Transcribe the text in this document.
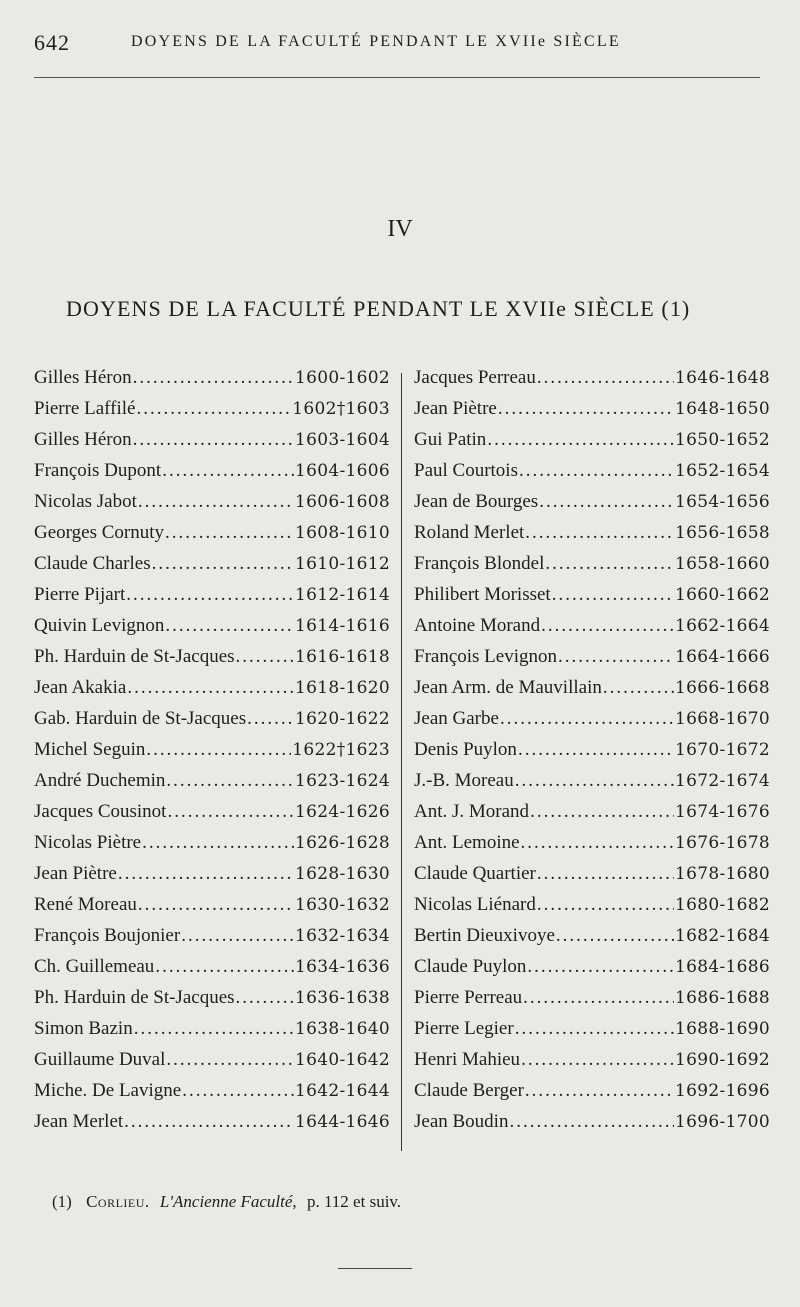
642	DOYENS DE LA FACULTÉ PENDANT LE XVIIe SIÈCLE
IV
DOYENS DE LA FACULTÉ PENDANT LE XVIIe SIÈCLE (1)
Gilles Héron .....	1600-1602
Pierre Laffilé .....	1602†1603
Gilles Héron .....	1603-1604
François Dupont .....	1604-1606
Nicolas Jabot .....	1606-1608
Georges Cornuty .....	1608-1610
Claude Charles .....	1610-1612
Pierre Pijart .....	1612-1614
Quivin Levignon .....	1614-1616
Ph. Harduin de St-Jacques .....	1616-1618
Jean Akakia .....	1618-1620
Gab. Harduin de St-Jacques .....	1620-1622
Michel Seguin .....	1622†1623
André Duchemin .....	1623-1624
Jacques Cousinot .....	1624-1626
Nicolas Piètre .....	1626-1628
Jean Piètre .....	1628-1630
René Moreau .....	1630-1632
François Boujonier .....	1632-1634
Ch. Guillemeau .....	1634-1636
Ph. Harduin de St-Jacques .....	1636-1638
Simon Bazin .....	1638-1640
Guillaume Duval .....	1640-1642
Miche. De Lavigne .....	1642-1644
Jean Merlet .....	1644-1646
Jacques Perreau .....	1646-1648
Jean Piètre .....	1648-1650
Gui Patin .....	1650-1652
Paul Courtois .....	1652-1654
Jean de Bourges .....	1654-1656
Roland Merlet .....	1656-1658
François Blondel .....	1658-1660
Philibert Morisset .....	1660-1662
Antoine Morand .....	1662-1664
François Levignon .....	1664-1666
Jean Arm. de Mauvillain .....	1666-1668
Jean Garbe .....	1668-1670
Denis Puylon .....	1670-1672
J.-B. Moreau .....	1672-1674
Ant. J. Morand .....	1674-1676
Ant. Lemoine .....	1676-1678
Claude Quartier .....	1678-1680
Nicolas Liénard .....	1680-1682
Bertin Dieuxivoye .....	1682-1684
Claude Puylon .....	1684-1686
Pierre Perreau .....	1686-1688
Pierre Legier .....	1688-1690
Henri Mahieu .....	1690-1692
Claude Berger .....	1692-1696
Jean Boudin .....	1696-1700
(1) Corlieu. L'Ancienne Faculté, p. 112 et suiv.
